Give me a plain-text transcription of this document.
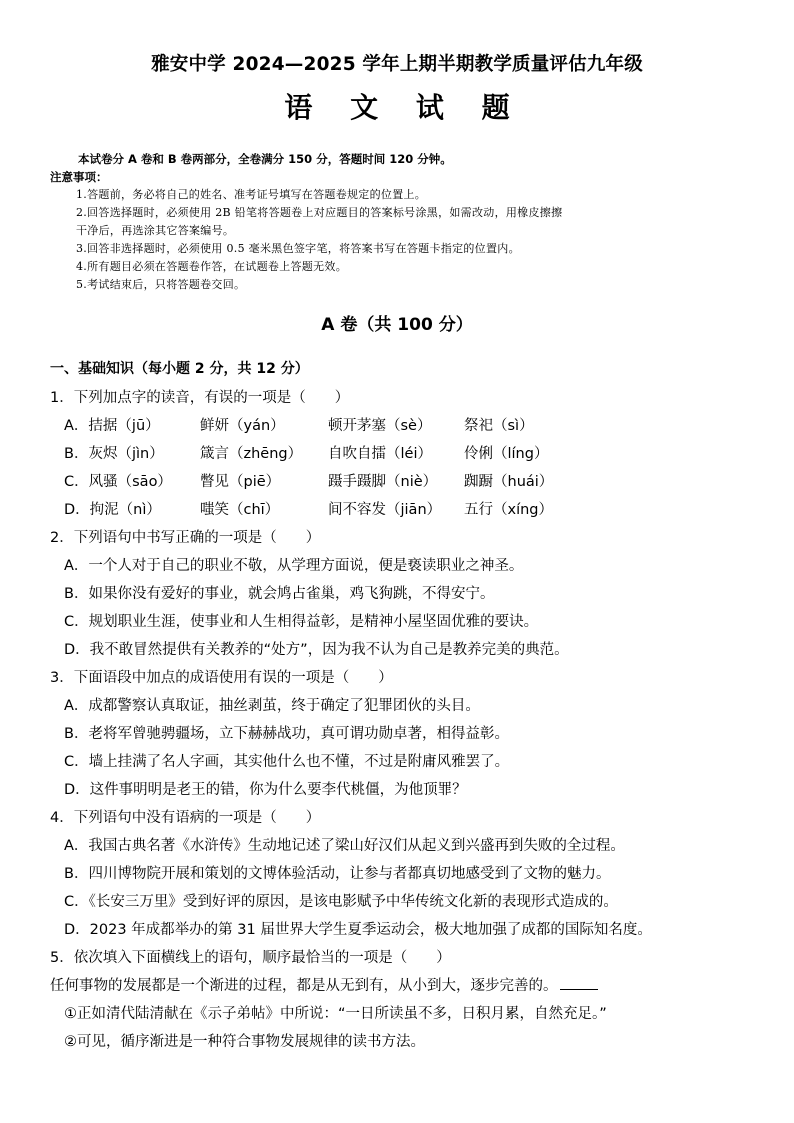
雅安中学 2024—2025 学年上期半期教学质量评估九年级
语 文 试 题
本试卷分 A 卷和 B 卷两部分，全卷满分 150 分，答题时间 120 分钟。
注意事项：
1.答题前，务必将自己的姓名、准考证号填写在答题卷规定的位置上。
2.回答选择题时，必须使用 2B 铅笔将答题卷上对应题目的答案标号涂黑，如需改动，用橡皮擦擦
干净后，再选涂其它答案编号。
3.回答非选择题时，必须使用 0.5 毫米黑色签字笔，将答案书写在答题卡指定的位置内。
4.所有题目必须在答题卷作答，在试题卷上答题无效。
5.考试结束后，只将答题卷交回。
A 卷（共 100 分）
一、基础知识（每小题 2 分，共 12 分）
1．下列加点字的读音，有误的一项是（　　）
A．拮据（jū）	鲜妍（yán）	顿开茅塞（sè） 祭祀（sì）
B．灰烬（jìn）	箴言（zhēng） 自吹自擂（léi） 伶俐（líng）
C．风骚（sāo） 瞥见（piē）	蹑手蹑脚（niè） 踟蹰（huái）
D．拘泥（nì）	嗤笑（chī）	间不容发（jiān） 五行（xíng）
2．下列语句中书写正确的一项是（　　）
A．一个人对于自己的职业不敬，从学理方面说，便是亵读职业之神圣。
B．如果你没有爱好的事业，就会鸠占雀巢，鸡飞狗跳，不得安宁。
C．规划职业生涯，使事业和人生相得益彰，是精神小屋坚固优雅的要诀。
D．我不敢冒然提供有关教养的“处方”，因为我不认为自己是教养完美的典范。
3．下面语段中加点的成语使用有误的一项是（　　）
A．成都警察认真取证，抽丝剥茧，终于确定了犯罪团伙的头目。
B．老将军曾驰骋疆场，立下赫赫战功，真可谓功勋卓著，相得益彰。
C．墙上挂满了名人字画，其实他什么也不懂，不过是附庸风雅罢了。
D．这件事明明是老王的错，你为什么要李代桃僵，为他顶罪？
4．下列语句中没有语病的一项是（　　）
A．我国古典名著《水浒传》生动地记述了梁山好汉们从起义到兴盛再到失败的全过程。
B．四川博物院开展和策划的文博体验活动，让参与者都真切地感受到了文物的魅力。
C．《长安三万里》受到好评的原因，是该电影赋予中华传统文化新的表现形式造成的。
D．2023 年成都举办的第 31 届世界大学生夏季运动会，极大地加强了成都的国际知名度。
5．依次填入下面横线上的语句，顺序最恰当的一项是（　　）
任何事物的发展都是一个渐进的过程，都是从无到有，从小到大，逐步完善的。
①正如清代陆清献在《示子弟帖》中所说：“一日所读虽不多，日积月累，自然充足。”
②可见，循序渐进是一种符合事物发展规律的读书方法。
